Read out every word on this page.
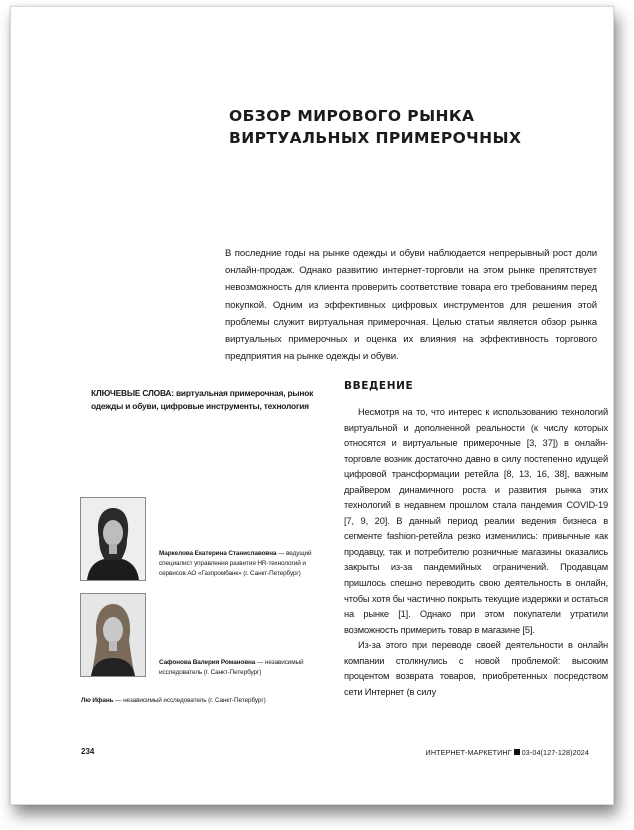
ОБЗОР МИРОВОГО РЫНКА ВИРТУАЛЬНЫХ ПРИМЕРОЧНЫХ

В последние годы на рынке одежды и обуви наблюдается непрерывный рост доли онлайн-продаж. Однако развитию интернет-торговли на этом рынке препятствует невозможность для клиента проверить соответствие товара его требованиям перед покупкой. Одним из эффективных цифровых инструментов для решения этой проблемы служит виртуальная примерочная. Целью статьи является обзор рынка виртуальных примерочных и оценка их влияния на эффективность торгового предприятия на рынке одежды и обуви.

КЛЮЧЕВЫЕ СЛОВА: виртуальная примерочная, рынок одежды и обуви, цифровые инструменты, технология

Маркелова Екатерина Станиславовна — ведущий специалист управления развития HR-технологий и сервисов АО «Газпромбанк» (г. Санкт-Петербург)
Сафонова Валерия Романовна — независимый исследователь (г. Санкт-Петербург)
Лю Ифань — независимый исследователь (г. Санкт-Петербург)
ВВЕДЕНИЕ

Несмотря на то, что интерес к использованию технологий виртуальной и дополненной реальности (к числу которых относятся и виртуальные примерочные [3, 37]) в онлайн-торговле возник достаточно давно в силу постепенно идущей цифровой трансформации ретейла [8, 13, 16, 38], важным драйвером динамичного роста и развития рынка этих технологий в недавнем прошлом стала пандемия COVID-19 [7, 9, 20]. В данный период реалии ведения бизнеса в сегменте fashion-ретейла резко изменились: привычные как продавцу, так и потребителю розничные магазины оказались закрыты из-за пандемийных ограничений. Продавцам пришлось спешно переводить свою деятельность в онлайн, чтобы хотя бы частично покрыть текущие издержки и остаться на рынке [1]. Однако при этом покупатели утратили возможность примерить товар в магазине [5].

Из-за этого при переводе своей деятельности в онлайн компании столкнулись с новой проблемой: высоким процентом возврата товаров, приобретенных посредством сети Интернет (в силу

234	ИНТЕРНЕТ-МАРКЕТИНГ 03-04(127-128)2024
